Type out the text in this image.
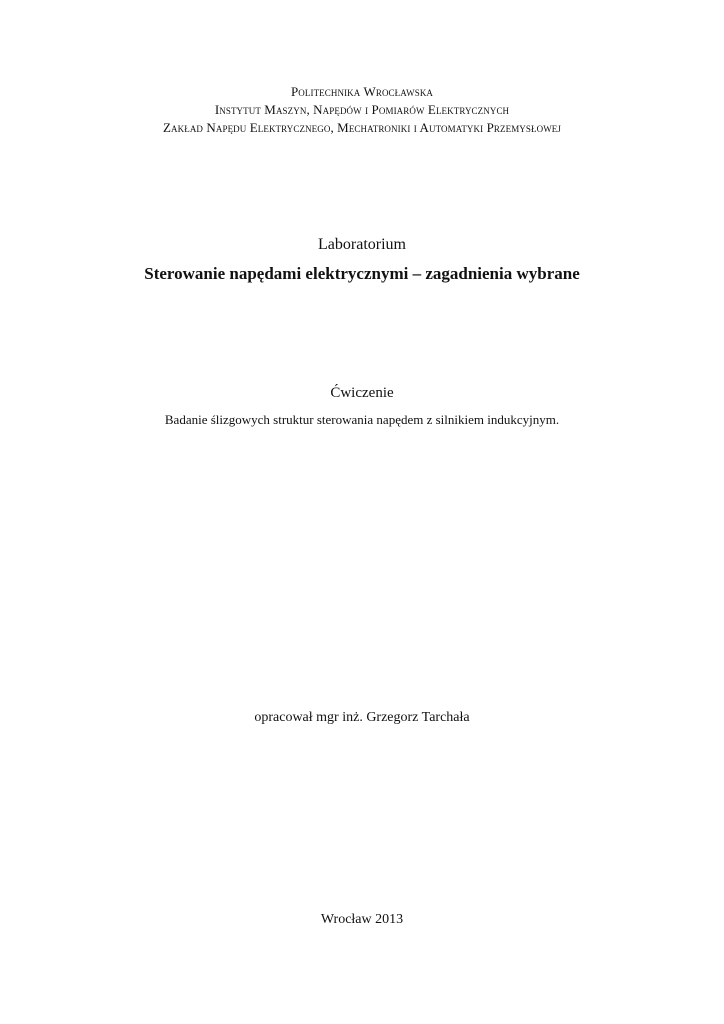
Politechnika Wrocławska
Instytut Maszyn, Napędów i Pomiarów Elektrycznych
Zakład Napędu Elektrycznego, Mechatroniki i Automatyki Przemysłowej
Laboratorium
Sterowanie napędami elektrycznymi – zagadnienia wybrane
Ćwiczenie
Badanie ślizgowych struktur sterowania napędem z silnikiem indukcyjnym.
opracował mgr inż. Grzegorz Tarchała
Wrocław 2013
